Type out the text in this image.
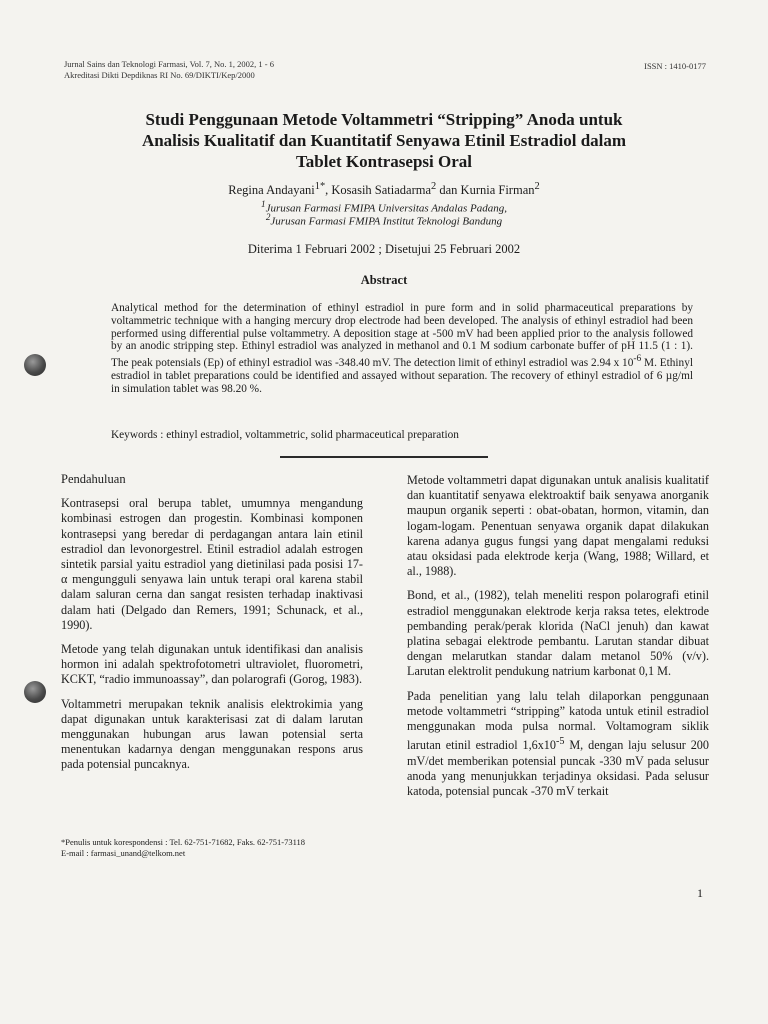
Jurnal Sains dan Teknologi Farmasi, Vol. 7, No. 1, 2002, 1 - 6
Akreditasi Dikti Depdiknas RI No. 69/DIKTI/Kep/2000
ISSN : 1410-0177
Studi Penggunaan Metode Voltammetri “Stripping” Anoda untuk
Analisis Kualitatif dan Kuantitatif Senyawa Etinil Estradiol dalam
Tablet Kontrasepsi Oral
Regina Andayani$^{1*}$, Kosasih Satiadarma$^2$ dan Kurnia Firman$^2$
$^1$Jurusan Farmasi FMIPA Universitas Andalas Padang,
$^2$Jurusan Farmasi FMIPA Institut Teknologi Bandung
Diterima 1 Februari 2002 ; Disetujui 25 Februari 2002
Abstract
Analytical method for the determination of ethinyl estradiol in pure form and in solid pharmaceutical preparations by voltammetric technique with a hanging mercury drop electrode had been developed. The analysis of ethinyl estradiol had been performed using differential pulse voltammetry. A deposition stage at -500 mV had been applied prior to the analysis followed by an anodic stripping step. Ethinyl estradiol was analyzed in methanol and 0.1 M sodium carbonate buffer of pH 11.5 (1 : 1). The peak potensials (Ep) of ethinyl estradiol was -348.40 mV. The detection limit of ethinyl estradiol was 2.94 x $10^{-6}$ M. Ethinyl estradiol in tablet preparations could be identified and assayed without separation. The recovery of ethinyl estradiol of 6 µg/ml in simulation tablet was 98.20 %.
Keywords : ethinyl estradiol, voltammetric, solid pharmaceutical preparation

Pendahuluan

Kontrasepsi oral berupa tablet, umumnya mengandung kombinasi estrogen dan progestin. Kombinasi komponen kontrasepsi yang beredar di perdagangan antara lain etinil estradiol dan levonorgestrel. Etinil estradiol adalah estrogen sintetik parsial yaitu estradiol yang dietinilasi pada posisi 17-α mengungguli senyawa lain untuk terapi oral karena stabil dalam saluran cerna dan sangat resisten terhadap inaktivasi dalam hati (Delgado dan Remers, 1991; Schunack, et al., 1990).

Metode yang telah digunakan untuk identifikasi dan analisis hormon ini adalah spektrofotometri ultraviolet, fluorometri, KCKT, “radio immunoassay”, dan polarografi (Gorog, 1983).

Voltammetri merupakan teknik analisis elektrokimia yang dapat digunakan untuk karakterisasi zat di dalam larutan menggunakan hubungan arus lawan potensial serta menentukan kadarnya dengan menggunakan respons arus pada potensial puncaknya.

Metode voltammetri dapat digunakan untuk analisis kualitatif dan kuantitatif senyawa elektroaktif baik senyawa anorganik maupun organik seperti : obat-obatan, hormon, vitamin, dan logam-logam. Penentuan senyawa organik dapat dilakukan karena adanya gugus fungsi yang dapat mengalami reduksi atau oksidasi pada elektrode kerja (Wang, 1988; Willard, et al., 1988).

Bond, et al., (1982), telah meneliti respon polarografi etinil estradiol menggunakan elektrode kerja raksa tetes, elektrode pembanding perak/perak klorida (NaCl jenuh) dan kawat platina sebagai elektrode pembantu. Larutan standar dibuat dengan melarutkan standar dalam metanol 50% (v/v). Larutan elektrolit pendukung natrium karbonat 0,1 M.

Pada penelitian yang lalu telah dilaporkan penggunaan metode voltammetri “stripping” katoda untuk etinil estradiol menggunakan moda pulsa normal. Voltamogram siklik larutan etinil estradiol $1,6x10^{-5}$ M, dengan laju selusur 200 mV/det memberikan potensial puncak -330 mV pada selusur anoda yang menunjukkan terjadinya oksidasi. Pada selusur katoda, potensial puncak -370 mV terkait

*Penulis untuk korespondensi : Tel. 62-751-71682, Faks. 62-751-73118
E-mail : farmasi_unand@telkom.net
1
